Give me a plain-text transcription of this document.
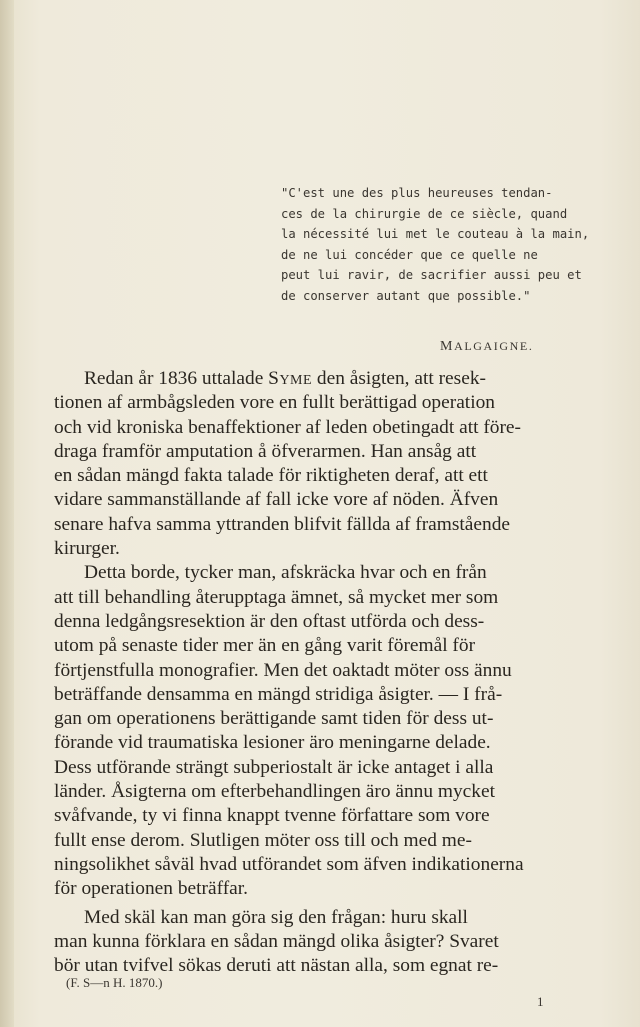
"C'est une des plus heureuses tendan-
ces de la chirurgie de ce siècle, quand
la nécessité lui met le couteau à la main,
de ne lui concéder que ce quelle ne
peut lui ravir, de sacrifier aussi peu et
de conserver autant que possible."
MALGAIGNE.
Redan år 1836 uttalade Syme den åsigten, att resek-
tionen af armbågsleden vore en fullt berättigad operation
och vid kroniska benaffektioner af leden obetingadt att före-
draga framför amputation å öfverarmen. Han ansåg att
en sådan mängd fakta talade för riktigheten deraf, att ett
vidare sammanställande af fall icke vore af nöden. Äfven
senare hafva samma yttranden blifvit fällda af framstående
kirurger.
Detta borde, tycker man, afskräcka hvar och en från
att till behandling återupptaga ämnet, så mycket mer som
denna ledgångsresektion är den oftast utförda och dess-
utom på senaste tider mer än en gång varit föremål för
förtjenstfulla monografier. Men det oaktadt möter oss ännu
beträffande densamma en mängd stridiga åsigter. — I frå-
gan om operationens berättigande samt tiden för dess ut-
förande vid traumatiska lesioner äro meningarne delade.
Dess utförande strängt subperiostalt är icke antaget i alla
länder. Åsigterna om efterbehandlingen äro ännu mycket
svåfvande, ty vi finna knappt tvenne författare som vore
fullt ense derom. Slutligen möter oss till och med me-
ningsolikhet såväl hvad utförandet som äfven indikationerna
för operationen beträffar.
Med skäl kan man göra sig den frågan: huru skall
man kunna förklara en sådan mängd olika åsigter? Svaret
bör utan tvifvel sökas deruti att nästan alla, som egnat re-
(F. S—n H. 1870.)
1
